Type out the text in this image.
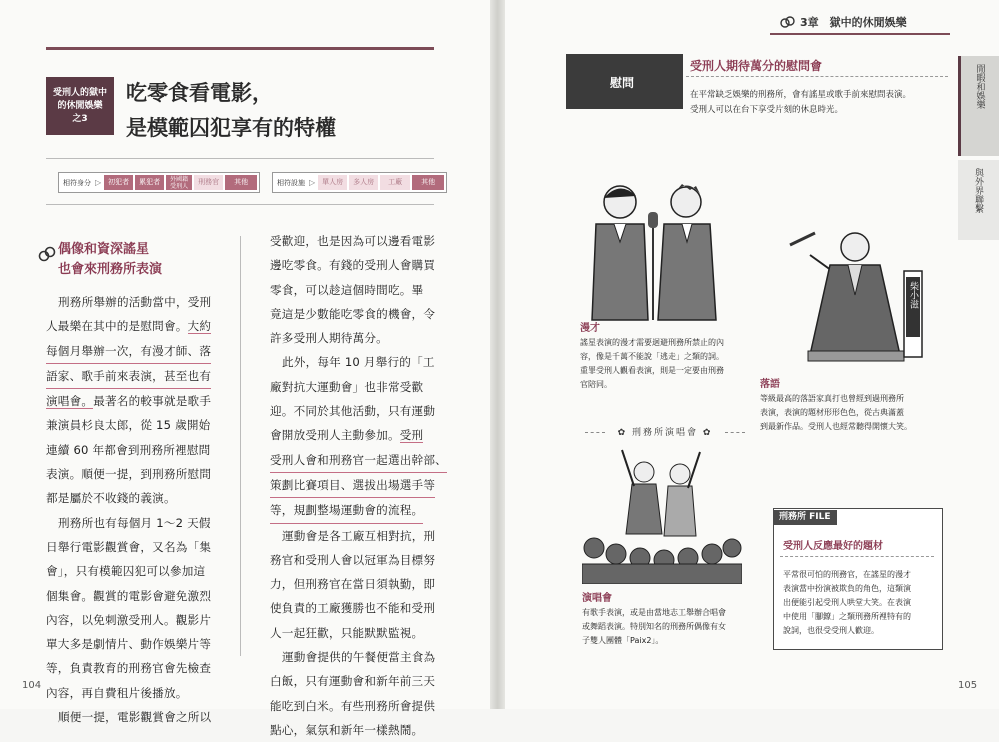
受刑人的獄中
的休閒娛樂
之3
吃零食看電影，
是模範囚犯享有的特權
相符身分 ▷	初犯者	累犯者	外國籍
受刑人	刑務官	其他	相符設施 ▷	單人房	多人房	工廠	其他
偶像和資深謠星
也會來刑務所表演

刑務所舉辦的活動當中，受刑

人最樂在其中的是慰問會。大約

每個月舉辦一次，有漫才師、落

語家、歌手前來表演，甚至也有

演唱會。最著名的較事就是歌手

兼演員杉良太郎，從 15 歲開始

連續 60 年都會到刑務所裡慰問

表演。順便一提，到刑務所慰問

都是屬於不收錢的義演。

刑務所也有每個月 1～2 天假

日舉行電影觀賞會，又名為「集

會」，只有模範囚犯可以參加這

個集會。觀賞的電影會避免激烈

內容，以免刺激受刑人。觀影片

單大多是劇情片、動作娛樂片等

等，負責教育的刑務官會先檢查

內容，再自費租片後播放。

順便一提，電影觀賞會之所以

受歡迎，也是因為可以邊看電影

邊吃零食。有錢的受刑人會購買

零食，可以趁這個時間吃。畢

竟這是少數能吃零食的機會，令

許多受刑人期待萬分。

此外，每年 10 月舉行的「工

廠對抗大運動會」也非常受歡

迎。不同於其他活動，只有運動

會開放受刑人主動參加。受刑

受刑人會和刑務官一起選出幹部、

策劃比賽項目、選拔出場選手等

等，規劃整場運動會的流程。

運動會是各工廠互相對抗，刑

務官和受刑人會以冠軍為目標努

力，但刑務官在當日須執勤，即

使負責的工廠獲勝也不能和受刑

人一起狂歡，只能默默監視。

運動會提供的午餐便當主食為

白飯，只有運動會和新年前三天

能吃到白米。有些刑務所會提供

點心，氣氛和新年一樣熱鬧。

104
3章　獄中的休閒娛樂
閒暇和娛樂
與外界聯繫
慰問
受刑人期待萬分的慰問會
在平常缺乏娛樂的刑務所，會有謠星或歌手前來慰問表演。
受刑人可以在台下享受片刻的休息時光。
漫才
謠星表演的漫才需要迴避刑務所禁止的內
容，像是千萬不能說「逃走」之類的詞。
重罪受刑人觀看表演，則是一定要由刑務
官陪同。
柴小滋
落語
等級最高的落語家真打也曾經到過刑務所
表演，表演的題材形形色色，從古典滿蓋
到最新作品。受刑人也經常聽得開懷大笑。
✿ 刑務所演唱會 ✿
演唱會
有歌手表演，或是由當地志工舉辦合唱會
或舞蹈表演。特別知名的刑務所偶像有女
子雙人團體「Paix2」。
刑務所 FILE
受刑人反應最好的題材
平常很可怕的刑務官，在謠星的漫才
表演當中扮演被欺負的角色，這類演
出便能引起受刑人哄堂大笑。在表演
中使用「腳鐐」之類刑務所裡特有的
說詞，也很受受刑人歡迎。
105
